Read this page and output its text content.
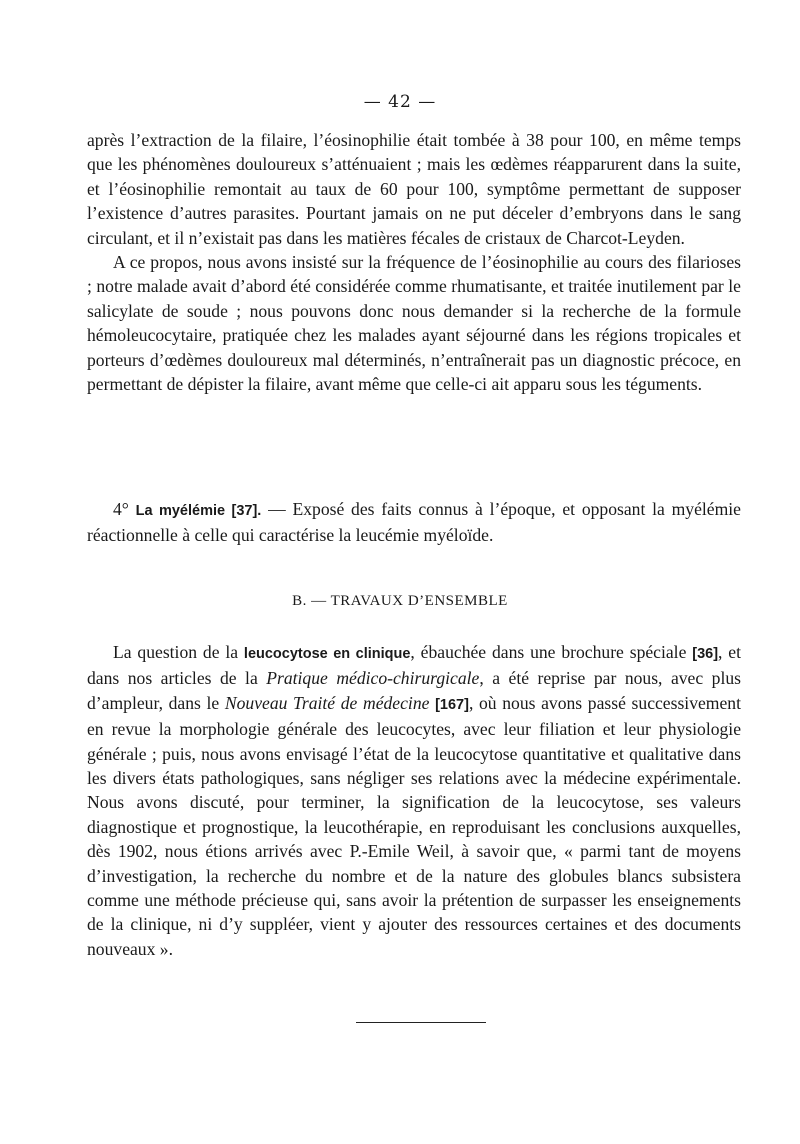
— 42 —

après l’extraction de la filaire, l’éosinophilie était tombée à 38 pour 100, en même temps que les phénomènes douloureux s’atténuaient ; mais les œdèmes réapparurent dans la suite, et l’éosinophilie remontait au taux de 60 pour 100, symptôme permettant de supposer l’existence d’autres parasites. Pourtant jamais on ne put déceler d’embryons dans le sang circulant, et il n’existait pas dans les matières fécales de cristaux de Charcot-Leyden.

A ce propos, nous avons insisté sur la fréquence de l’éosinophilie au cours des filarioses ; notre malade avait d’abord été considérée comme rhumatisante, et traitée inutilement par le salicylate de soude ; nous pouvons donc nous demander si la recherche de la formule hémoleucocytaire, pratiquée chez les malades ayant séjourné dans les régions tropicales et porteurs d’œdèmes douloureux mal déterminés, n’entraînerait pas un diagnostic précoce, en permettant de dépister la filaire, avant même que celle-ci ait apparu sous les téguments.

4° La myélémie [37]. — Exposé des faits connus à l’époque, et opposant la myélémie réactionnelle à celle qui caractérise la leucémie myéloïde.

B. — TRAVAUX D’ENSEMBLE

La question de la leucocytose en clinique, ébauchée dans une brochure spéciale [36], et dans nos articles de la Pratique médico-chirurgicale, a été reprise par nous, avec plus d’ampleur, dans le Nouveau Traité de médecine [167], où nous avons passé successivement en revue la morphologie générale des leucocytes, avec leur filiation et leur physiologie générale ; puis, nous avons envisagé l’état de la leucocytose quantitative et qualitative dans les divers états pathologiques, sans négliger ses relations avec la médecine expérimentale. Nous avons discuté, pour terminer, la signification de la leucocytose, ses valeurs diagnostique et prognostique, la leucothérapie, en reproduisant les conclusions auxquelles, dès 1902, nous étions arrivés avec P.-Emile Weil, à savoir que, « parmi tant de moyens d’investigation, la recherche du nombre et de la nature des globules blancs subsistera comme une méthode précieuse qui, sans avoir la prétention de surpasser les enseignements de la clinique, ni d’y suppléer, vient y ajouter des ressources certaines et des documents nouveaux ».
